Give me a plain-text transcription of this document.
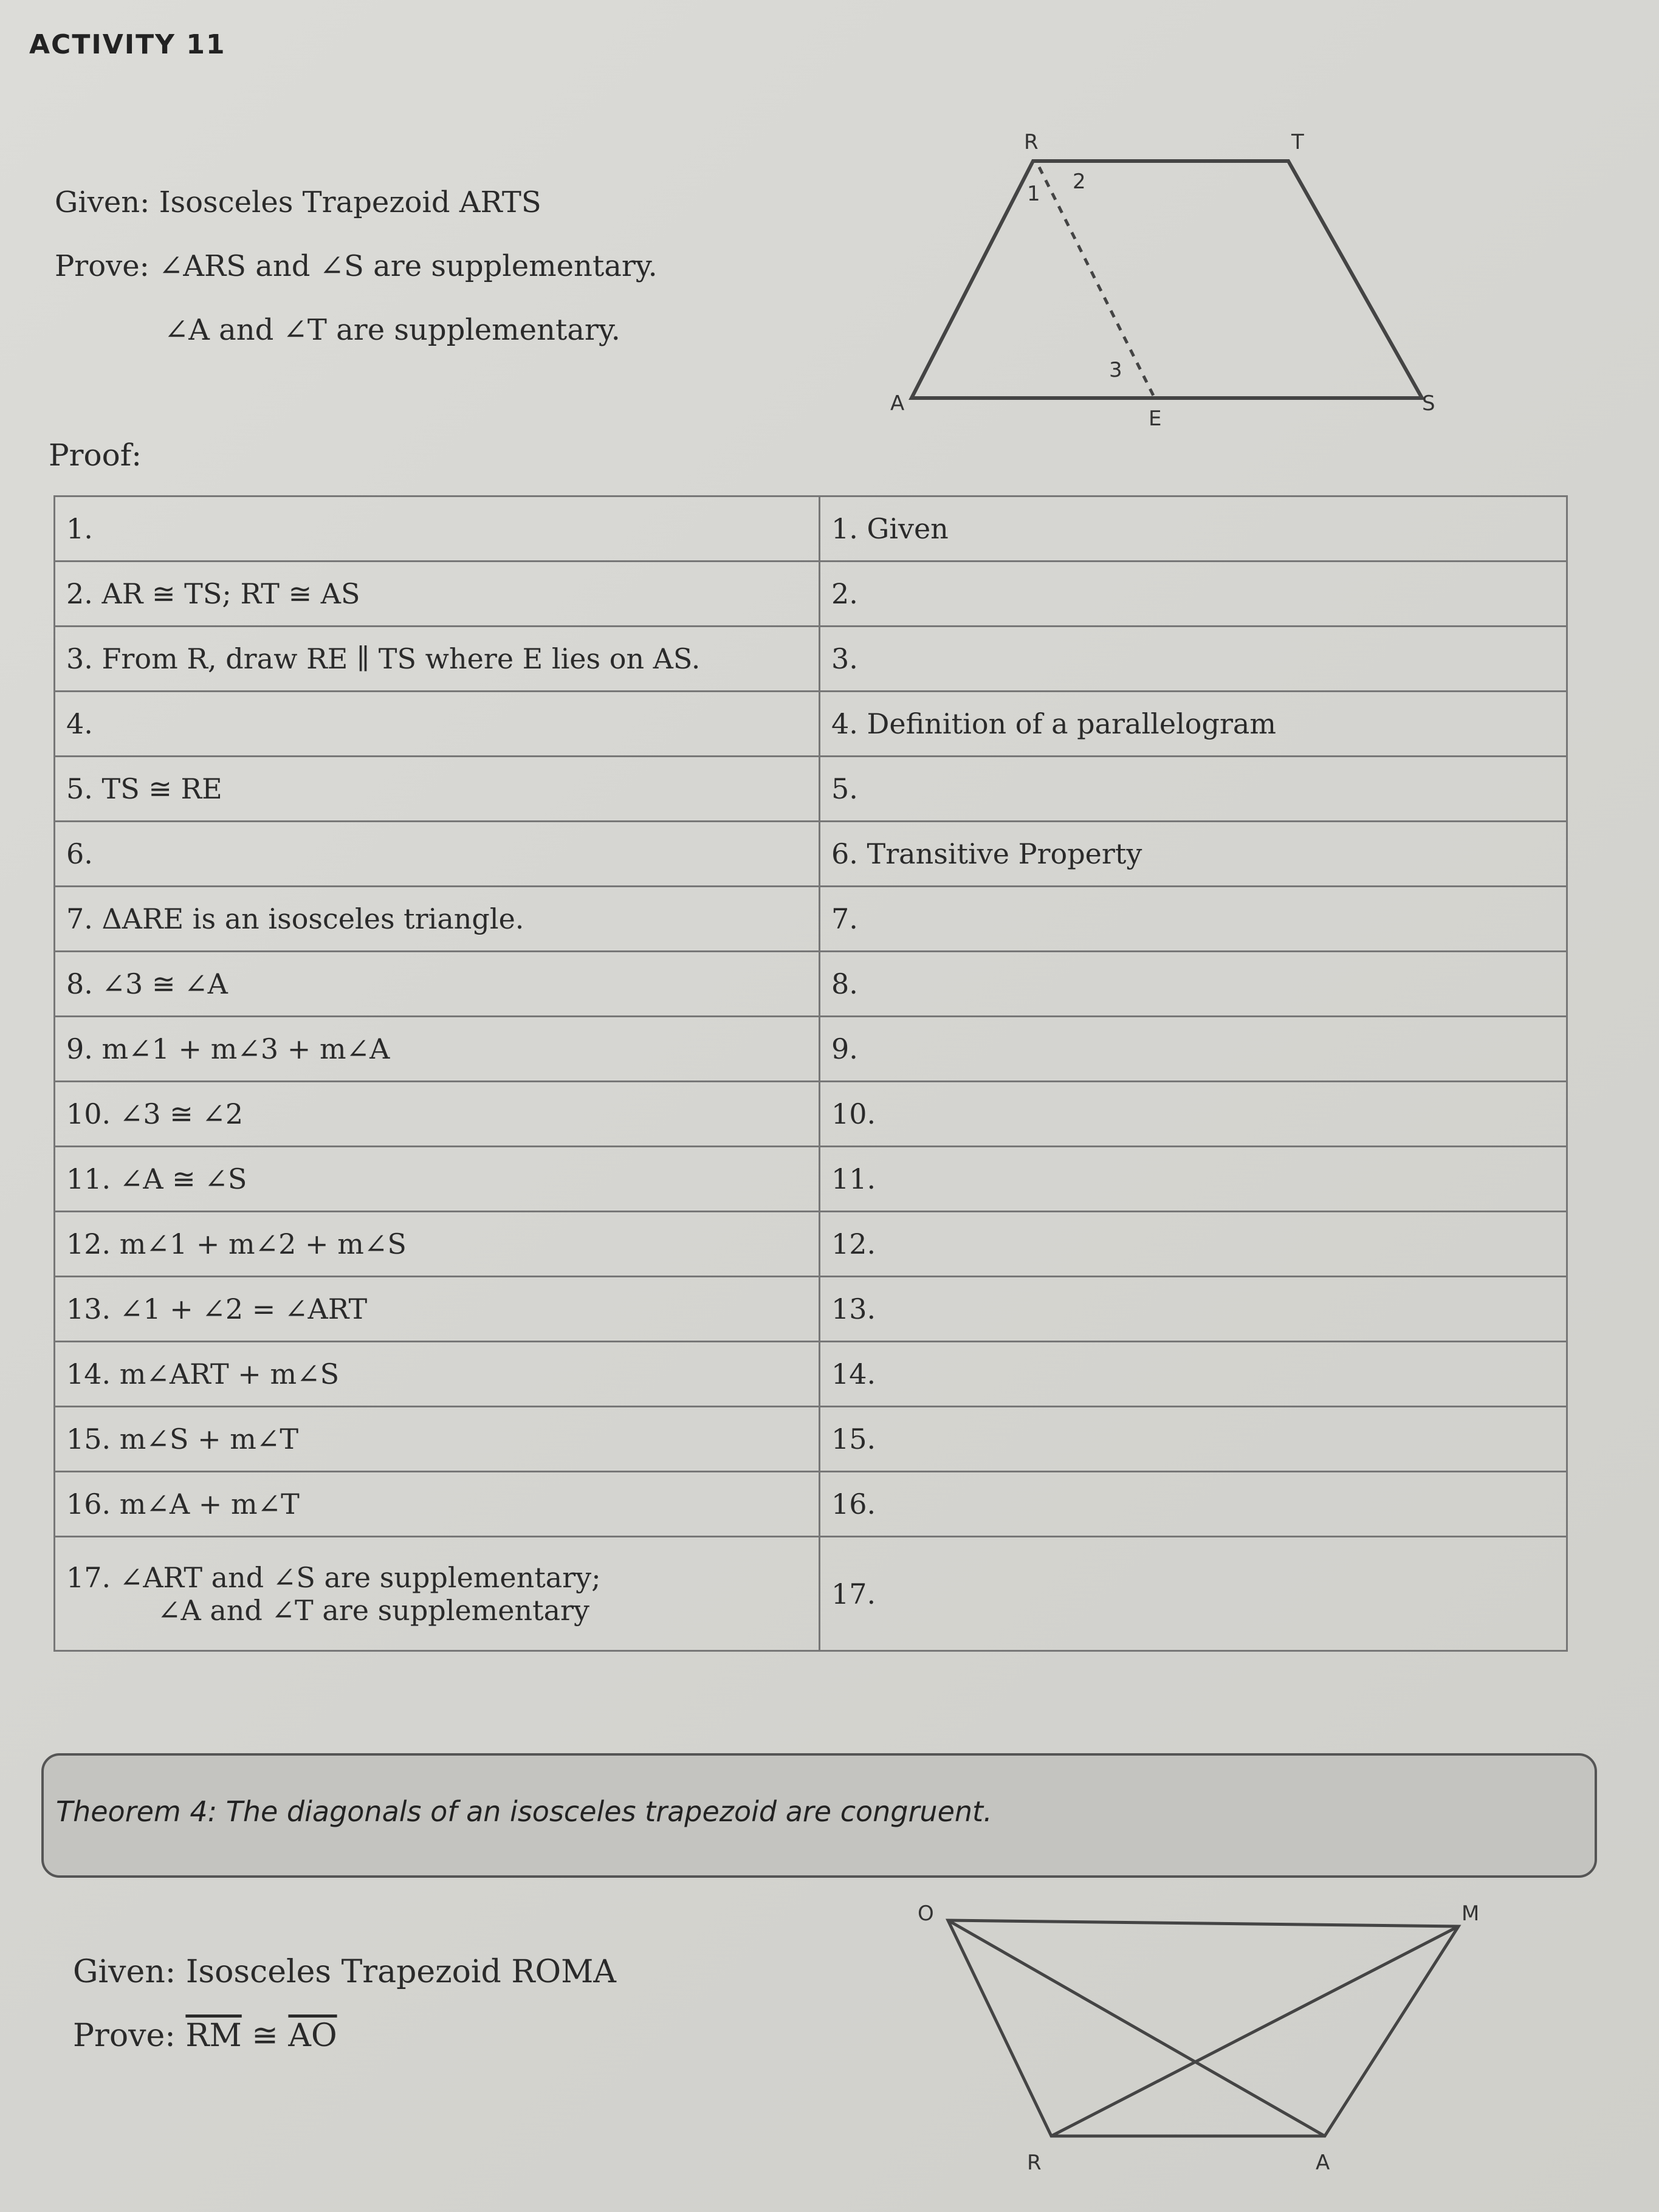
ACTIVITY 11
Given: Isosceles Trapezoid ARTS
Prove: ∠ARS and ∠S are supplementary.
∠A and ∠T are supplementary.
Proof:
R	T
A	S
E
1 2
3
1.	1. Given

2. AR ≅ TS; RT ≅ AS	2.

3. From R, draw RE ∥ TS where E lies on AS.	3.

4.	4. Definition of a parallelogram

5. TS ≅ RE	5.

6.	6. Transitive Property

7. ΔARE is an isosceles triangle.	7.

8. ∠3 ≅ ∠A	8.

9. m∠1 + m∠3 + m∠A	9.

10. ∠3 ≅ ∠2	10.

11. ∠A ≅ ∠S	11.

12. m∠1 + m∠2 + m∠S	12.

13. ∠1 + ∠2 = ∠ART	13.

14. m∠ART + m∠S	14.

15. m∠S + m∠T	15.

16. m∠A + m∠T	16.

17. ∠ART and ∠S are supplementary;
∠A and ∠T are supplementary	17.
Theorem 4: The diagonals of an isosceles trapezoid are congruent.
Given: Isosceles Trapezoid ROMA
Prove: $\overline{RM}$ ≅ $\overline{AO}$
O	M
R	A
